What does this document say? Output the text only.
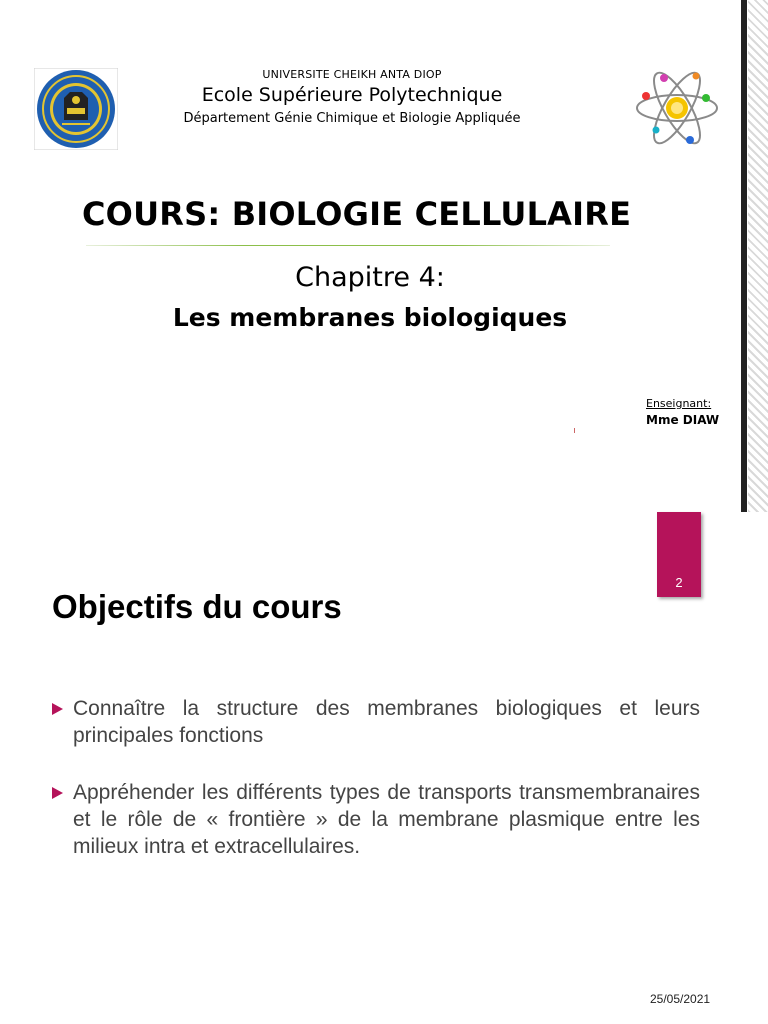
UNIVERSITE CHEIKH ANTA DIOP
Ecole Supérieure Polytechnique
Département Génie Chimique et Biologie Appliquée
COURS: BIOLOGIE CELLULAIRE
Chapitre 4:
Les membranes biologiques
Enseignant:
Mme DIAW
2
Objectifs du cours
Connaître la structure des membranes biologiques et leurs principales fonctions
Appréhender les différents types de transports transmembranaires et le rôle de « frontière » de la membrane plasmique entre les milieux intra et extracellulaires.
25/05/2021
